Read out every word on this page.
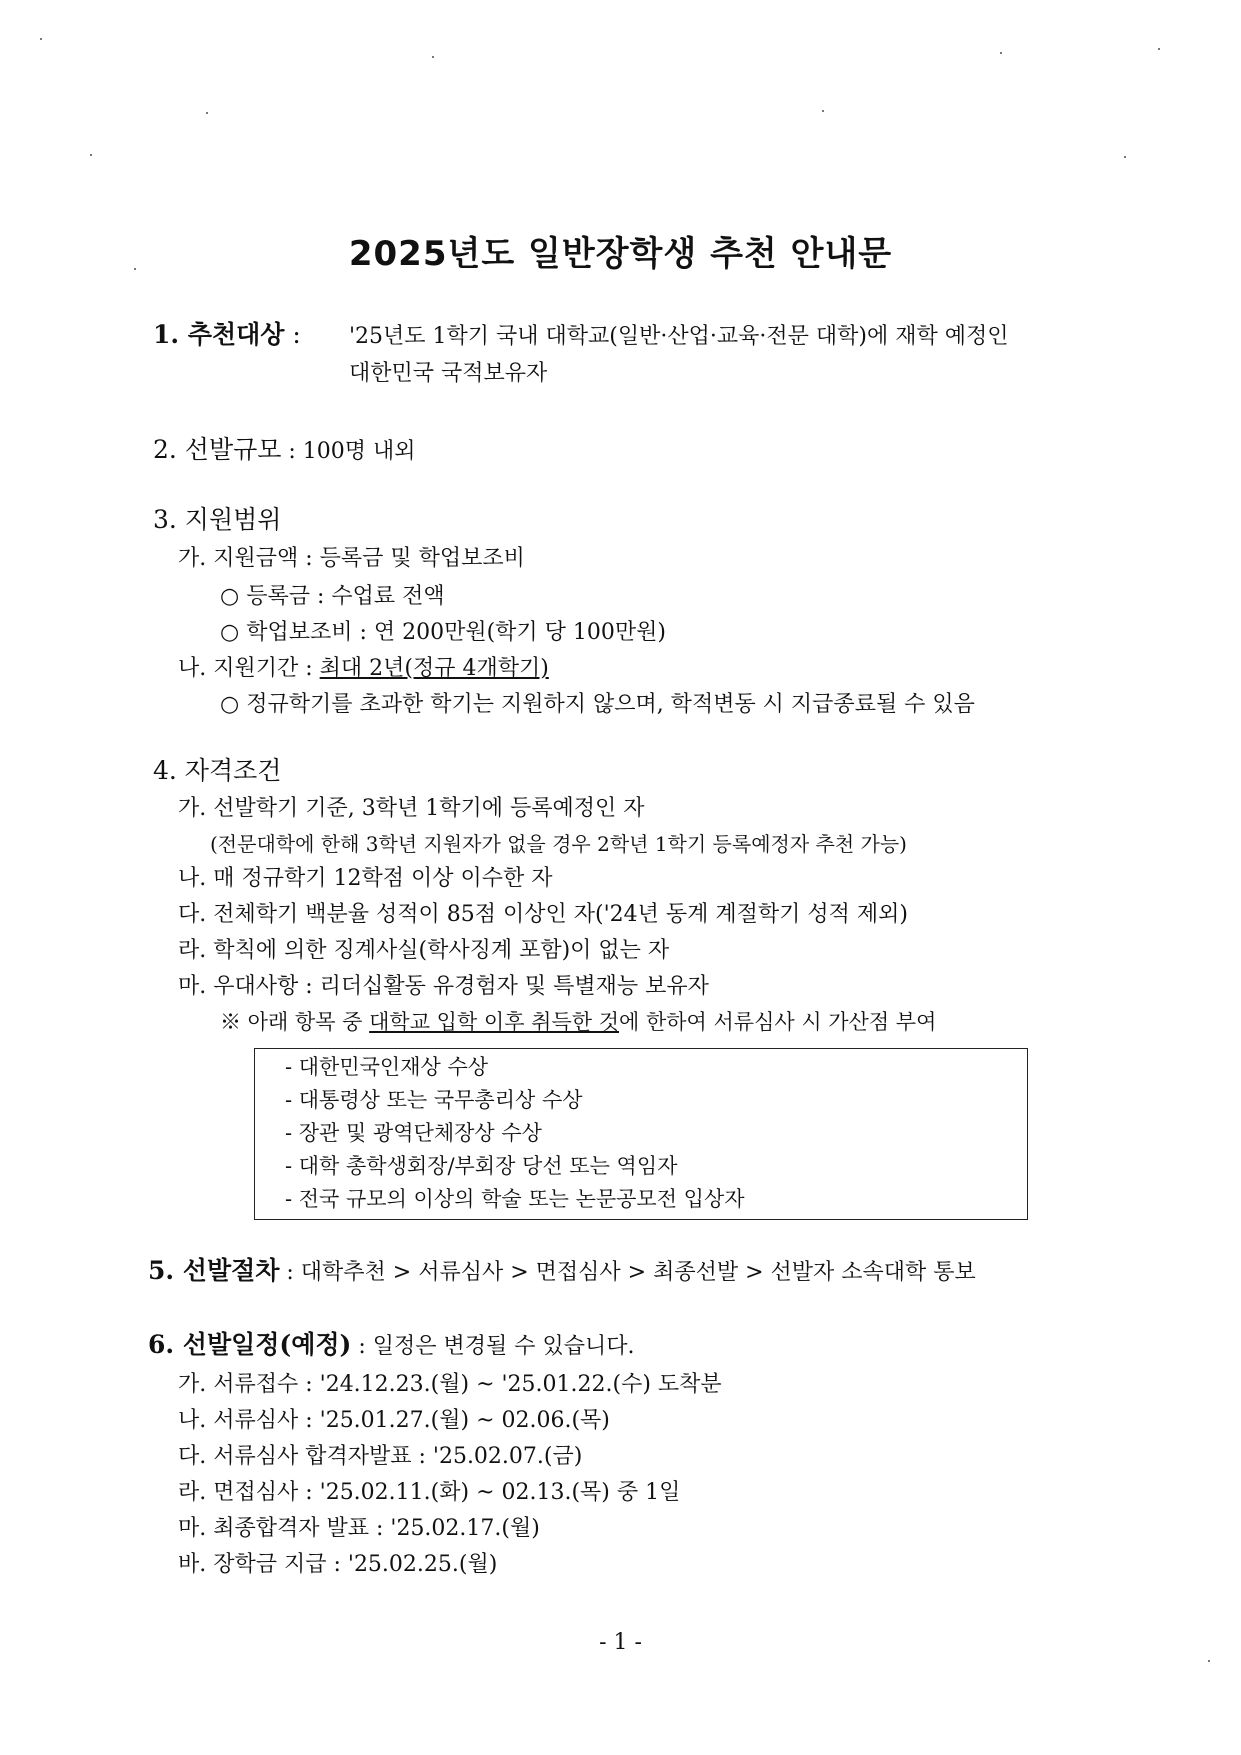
2025년도 일반장학생 추천 안내문
1. 추천대상 : '25년도 1학기 국내 대학교(일반·산업·교육·전문 대학)에 재학 예정인
대한민국 국적보유자
2. 선발규모 : 100명 내외
3. 지원범위
가. 지원금액 : 등록금 및 학업보조비
○ 등록금 : 수업료 전액
○ 학업보조비 : 연 200만원(학기 당 100만원)
나. 지원기간 : 최대 2년(정규 4개학기)
○ 정규학기를 초과한 학기는 지원하지 않으며, 학적변동 시 지급종료될 수 있음
4. 자격조건
가. 선발학기 기준, 3학년 1학기에 등록예정인 자
(전문대학에 한해 3학년 지원자가 없을 경우 2학년 1학기 등록예정자 추천 가능)
나. 매 정규학기 12학점 이상 이수한 자
다. 전체학기 백분율 성적이 85점 이상인 자('24년 동계 계절학기 성적 제외)
라. 학칙에 의한 징계사실(학사징계 포함)이 없는 자
마. 우대사항 : 리더십활동 유경험자 및 특별재능 보유자
※ 아래 항목 중 대학교 입학 이후 취득한 것에 한하여 서류심사 시 가산점 부여
- 대한민국인재상 수상
- 대통령상 또는 국무총리상 수상
- 장관 및 광역단체장상 수상
- 대학 총학생회장/부회장 당선 또는 역임자
- 전국 규모의 이상의 학술 또는 논문공모전 입상자
5. 선발절차 : 대학추천 > 서류심사 > 면접심사 > 최종선발 > 선발자 소속대학 통보
6. 선발일정(예정) : 일정은 변경될 수 있습니다.
가. 서류접수 : '24.12.23.(월) ~ '25.01.22.(수) 도착분
나. 서류심사 : '25.01.27.(월) ~ 02.06.(목)
다. 서류심사 합격자발표 : '25.02.07.(금)
라. 면접심사 : '25.02.11.(화) ~ 02.13.(목) 중 1일
마. 최종합격자 발표 : '25.02.17.(월)
바. 장학금 지급 : '25.02.25.(월)
- 1 -
